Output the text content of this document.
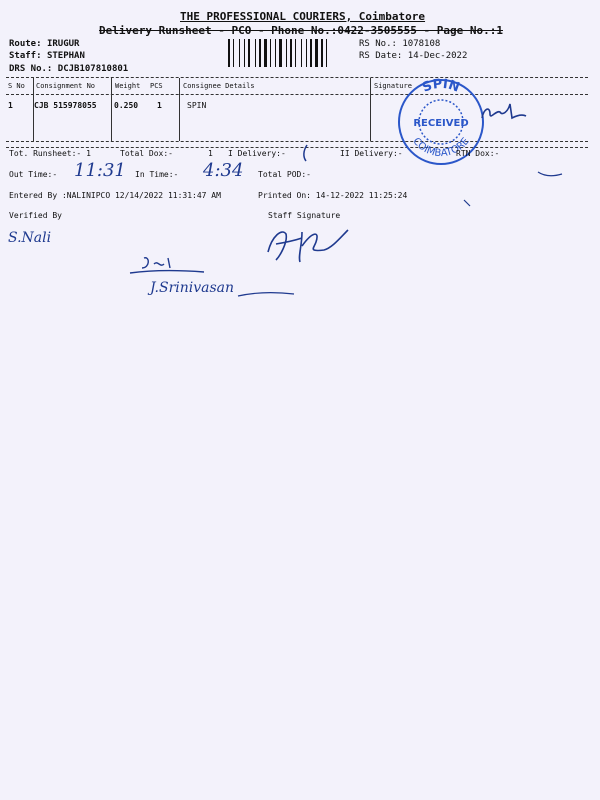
THE PROFESSIONAL COURIERS, Coimbatore
Delivery Runsheet - PCO - Phone No.:0422-3505555 - Page No.:1
Route: IRUGUR
Staff: STEPHAN
DRS No.: DCJB107810801
RS No.: 1078108
RS Date: 14-Dec-2022
S No Consignment No	Weight PCS	Consignee Details	Signature
1	CJB 515978055 0.250 1	SPIN
SPIN
COIMBATORE
RECEIVED
Tot. Runsheet:- 1	Total Dox:-	1 I Delivery:-	II Delivery:-	RTN Dox:-
Out Time:- 11:31 In Time:- 4:34 Total POD:-
Entered By :NALINIPCO 12/14/2022 11:31:47 AM	Printed On: 14-12-2022 11:25:24
Verified By	Staff Signature
S.Nali
J.Srinivasan
